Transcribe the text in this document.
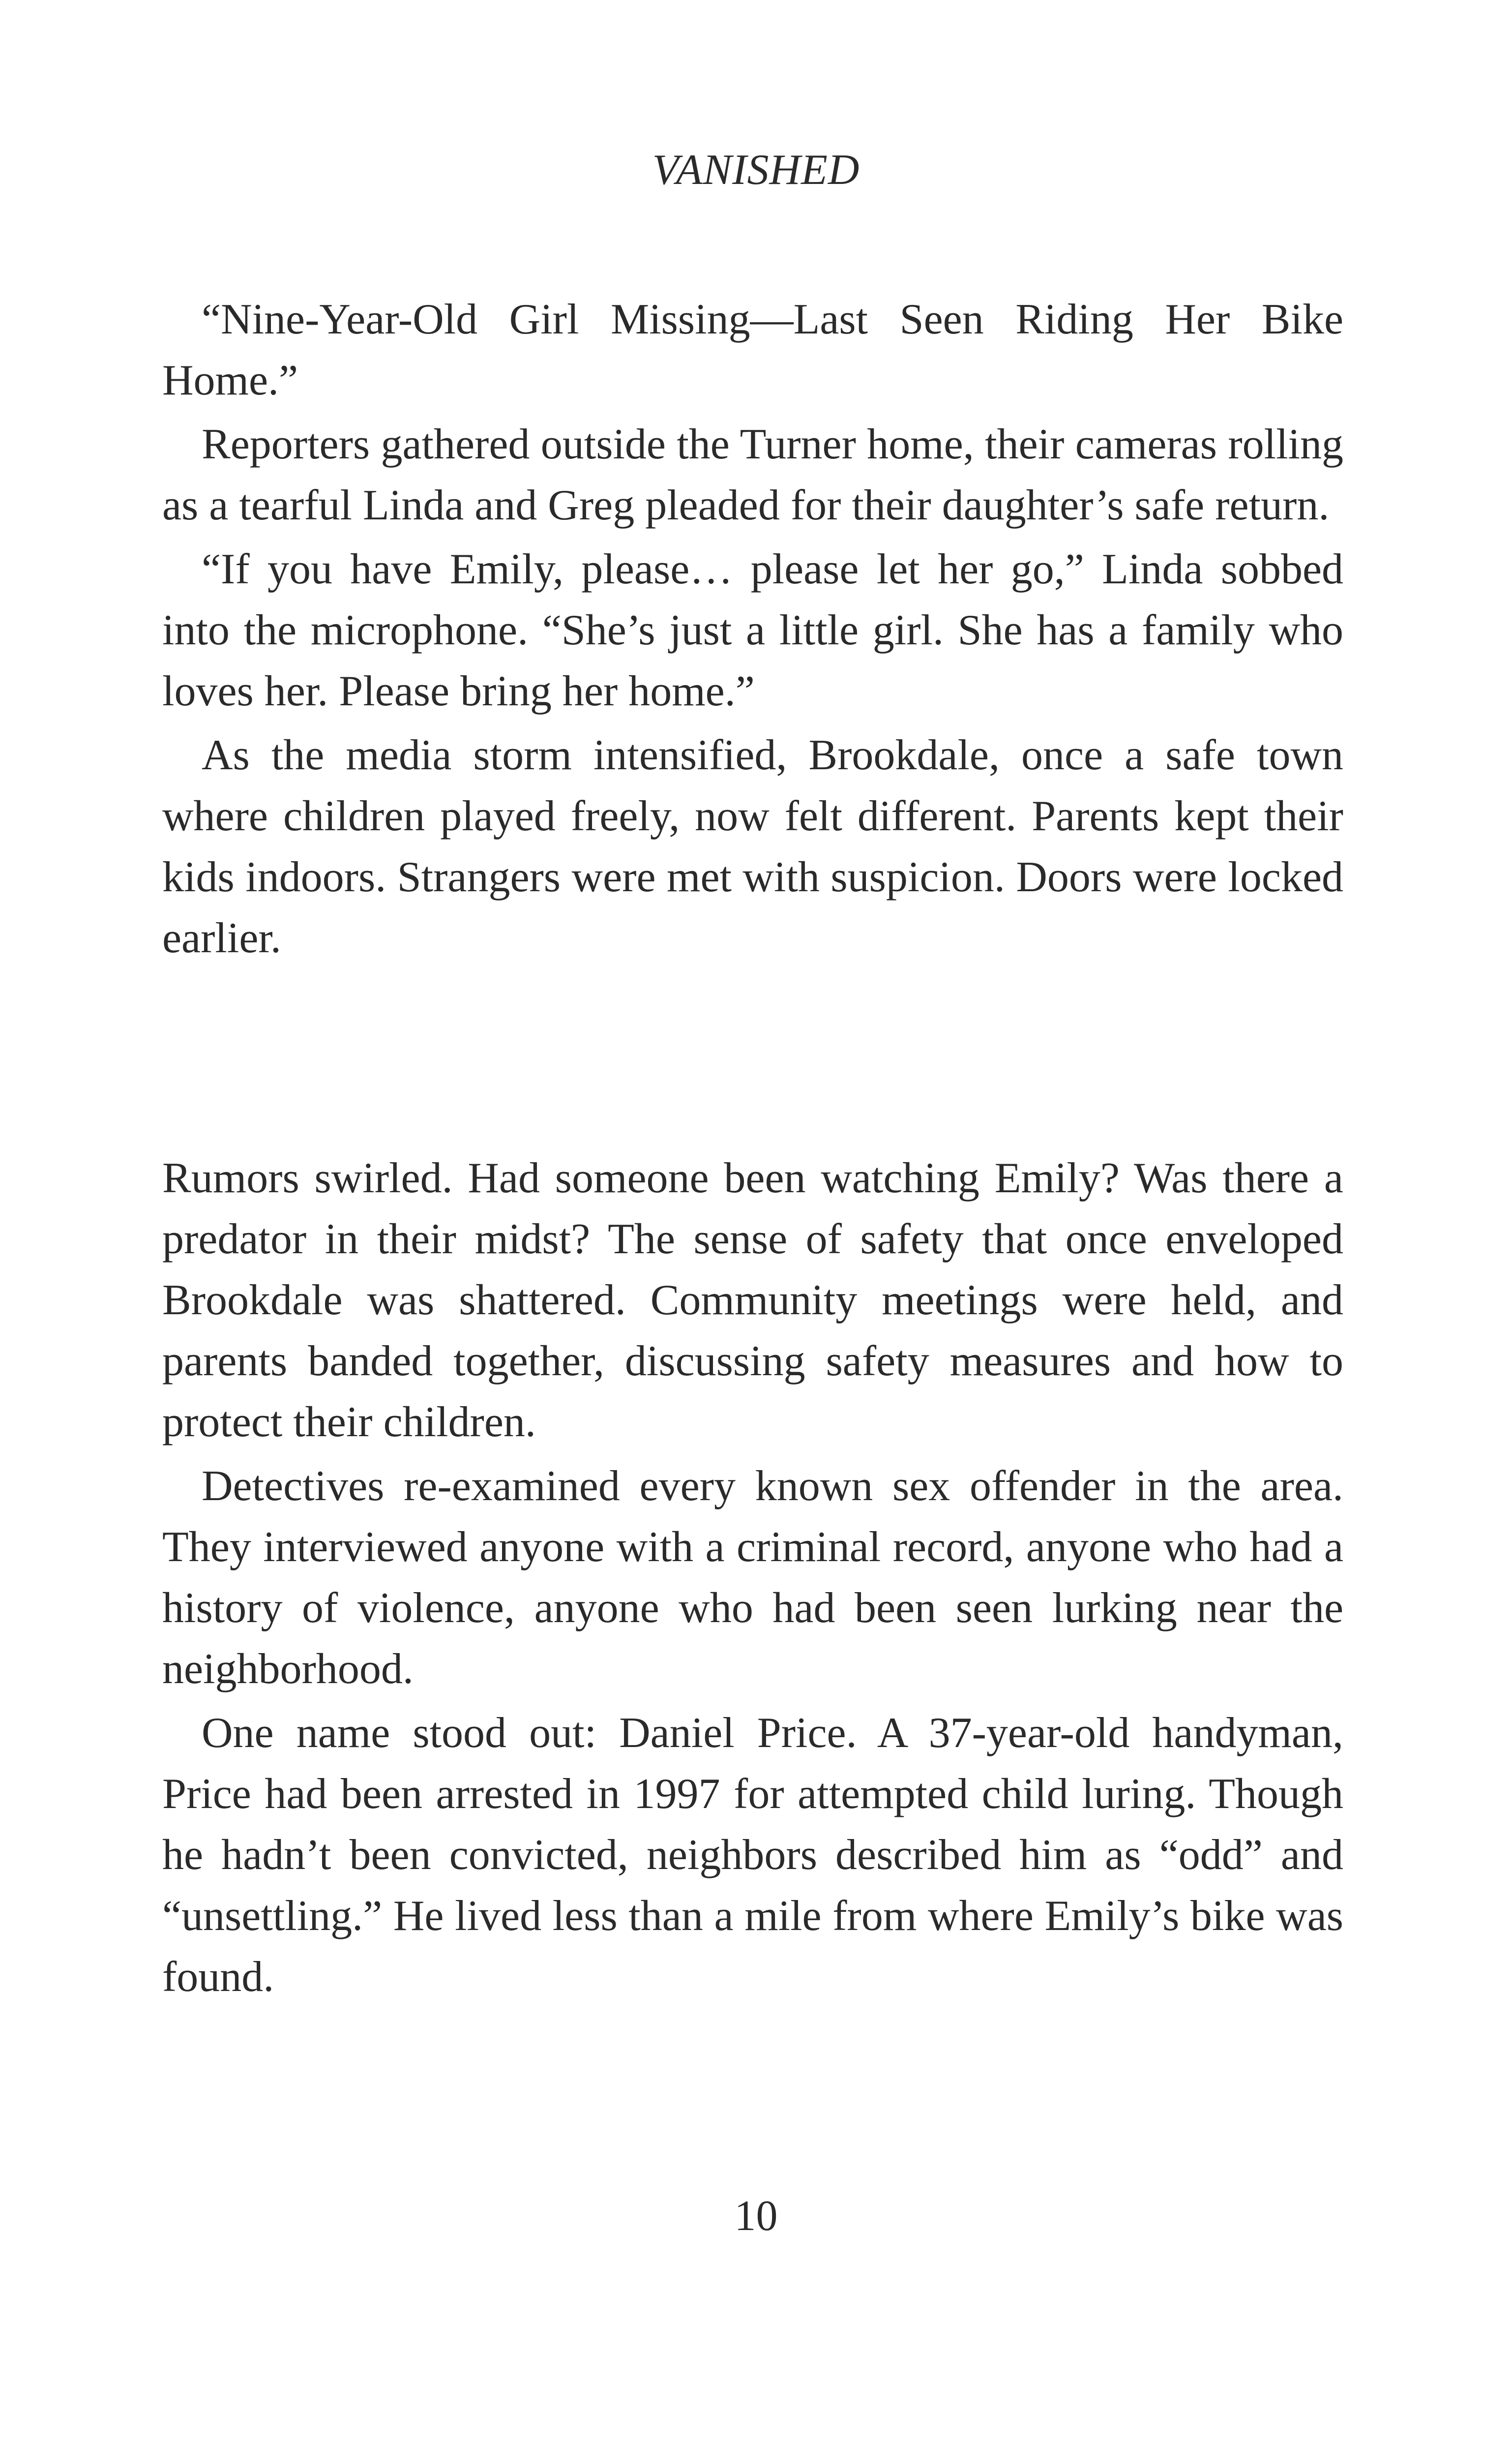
VANISHED

“Nine-Year-Old Girl Missing—Last Seen Riding Her Bike Home.”

Reporters gathered outside the Turner home, their cameras rolling as a tearful Linda and Greg pleaded for their daughter’s safe return.

“If you have Emily, please… please let her go,” Linda sobbed into the microphone. “She’s just a little girl. She has a family who loves her. Please bring her home.”

As the media storm intensified, Brookdale, once a safe town where children played freely, now felt different. Parents kept their kids indoors. Strangers were met with suspicion. Doors were locked earlier.

Rumors swirled. Had someone been watching Emily? Was there a predator in their midst? The sense of safety that once enveloped Brookdale was shattered. Community meetings were held, and parents banded together, discussing safety measures and how to protect their children.

Detectives re-examined every known sex offender in the area. They interviewed anyone with a criminal record, anyone who had a history of violence, anyone who had been seen lurking near the neighborhood.

One name stood out: Daniel Price. A 37-year-old handyman, Price had been arrested in 1997 for attempted child luring. Though he hadn’t been convicted, neighbors described him as “odd” and “unsettling.” He lived less than a mile from where Emily’s bike was found.

10
